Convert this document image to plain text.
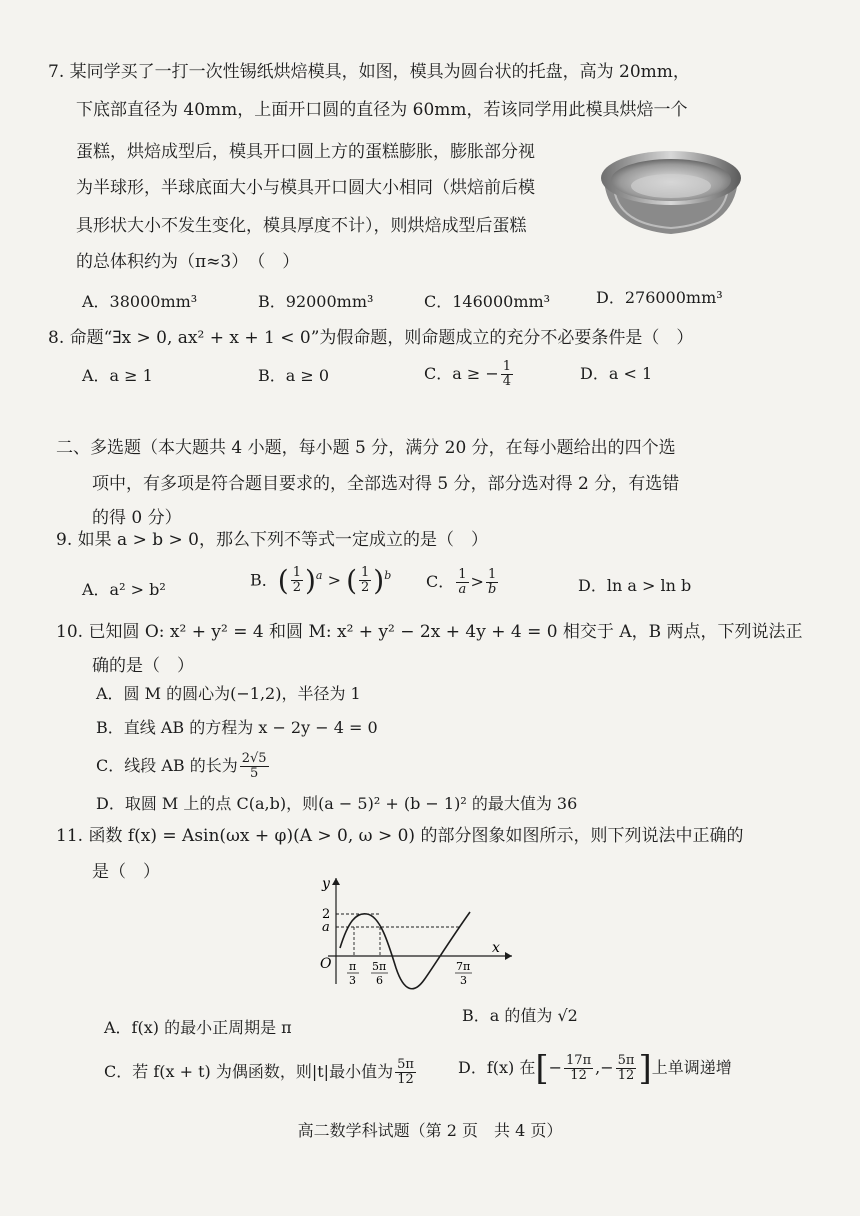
7. 某同学买了一打一次性锡纸烘焙模具，如图，模具为圆台状的托盘，高为 20mm，
下底部直径为 40mm，上面开口圆的直径为 60mm，若该同学用此模具烘焙一个
蛋糕，烘焙成型后，模具开口圆上方的蛋糕膨胀，膨胀部分视
为半球形，半球底面大小与模具开口圆大小相同（烘焙前后模
具形状大小不发生变化，模具厚度不计），则烘焙成型后蛋糕
的总体积约为（π≈3）　（　）
A．38000mm³	B．92000mm³	C．146000mm³	D．276000mm³
8. 命题“∃x > 0, ax² + x + 1 < 0”为假命题，则命题成立的充分不必要条件是（　）
A．a ≥ 1	B．a ≥ 0	C．a ≥ − $\frac{1}{4}$	D．a < 1
二、多选题（本大题共 4 小题，每小题 5 分，满分 20 分，在每小题给出的四个选
项中，有多项是符合题目要求的，全部选对得 5 分，部分选对得 2 分，有选错
的得 0 分）
9. 如果 a > b > 0，那么下列不等式一定成立的是（　）
A．a² > b²
B．( $\frac{1}{2} )^a$ > ( $\frac{1}{2} )^b$ C． $\frac{1}{a} > \frac{1}{b}$	D．ln a > ln b
10. 已知圆 O: x² + y² = 4 和圆 M: x² + y² − 2x + 4y + 4 = 0 相交于 A，B 两点，下列说法正
确的是（　）
A．圆 M 的圆心为(−1,2)，半径为 1
B．直线 AB 的方程为 x − 2y − 4 = 0
C．线段 AB 的长为 $\frac{2√5}{5}$
D．取圆 M 上的点 C(a,b)，则(a − 5)² + (b − 1)² 的最大值为 36
11. 函数 f(x) = Asin(ωx + φ)(A > 0, ω > 0) 的部分图象如图所示，则下列说法中正确的
是（　）
y
x
O
2
a
π
3
5π
6
7π
3
A．f(x) 的最小正周期是 π
B．a 的值为 √2
C．若 f(x + t) 为偶函数，则|t|最小值为 $\frac{5\pi}{12}$	D．f(x) 在[− $\frac{17\pi}{12}$ ,− $\frac{5\pi}{12}$ ]上单调递增
高二数学科试题（第 2 页　共 4 页）
